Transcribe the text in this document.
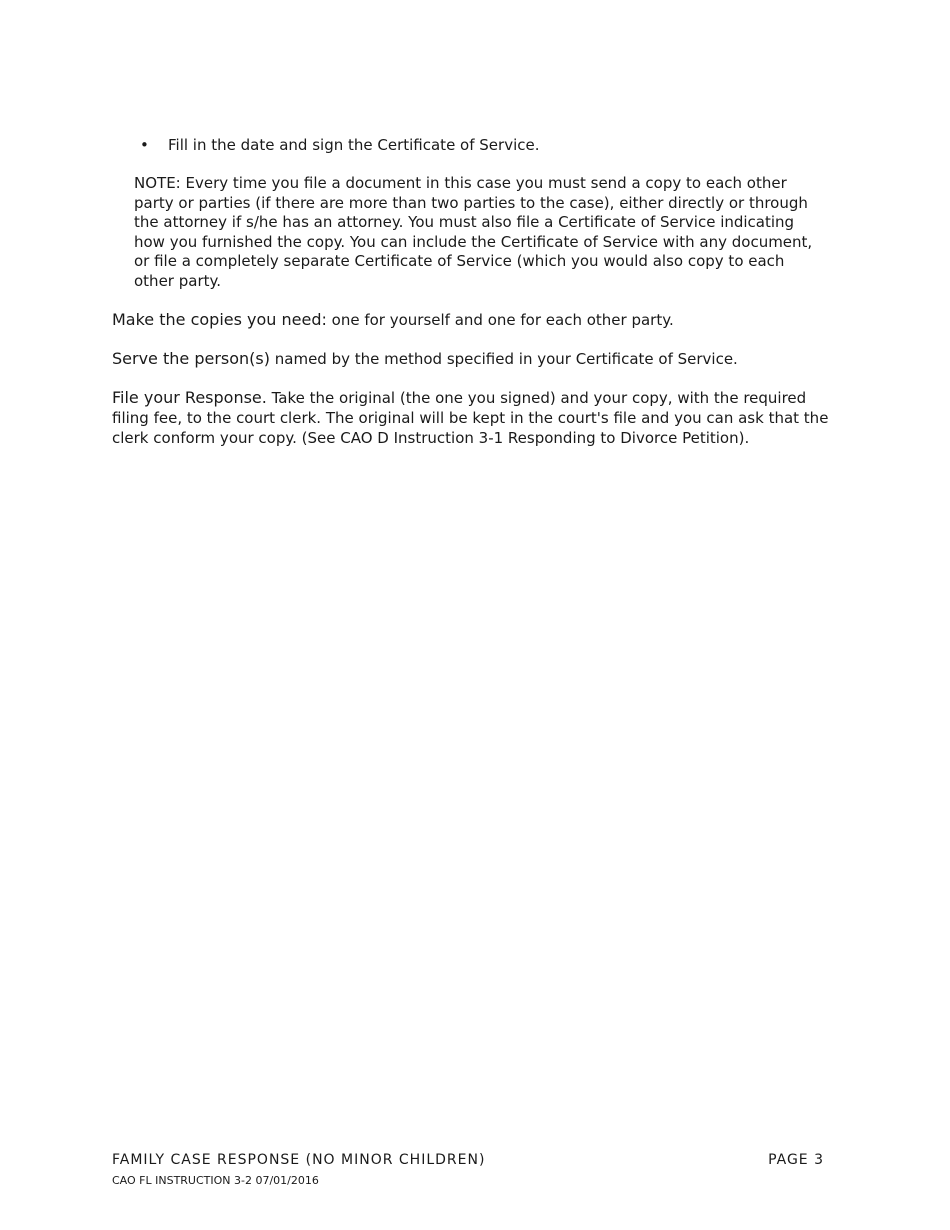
•	Fill in the date and sign the Certificate of Service.
NOTE: Every time you file a document in this case you must send a copy to each other
party or parties (if there are more than two parties to the case), either directly or through
the attorney if s/he has an attorney. You must also file a Certificate of Service indicating
how you furnished the copy. You can include the Certificate of Service with any document,
or file a completely separate Certificate of Service (which you would also copy to each
other party.
Make the copies you need: one for yourself and one for each other party.
Serve the person(s) named by the method specified in your Certificate of Service.
File your Response. Take the original (the one you signed) and your copy, with the required
filing fee, to the court clerk. The original will be kept in the court's file and you can ask that the
clerk conform your copy. (See CAO D Instruction 3-1 Responding to Divorce Petition).
FAMILY CASE RESPONSE (NO MINOR CHILDREN)
CAO FL INSTRUCTION 3-2 07/01/2016
PAGE 3
